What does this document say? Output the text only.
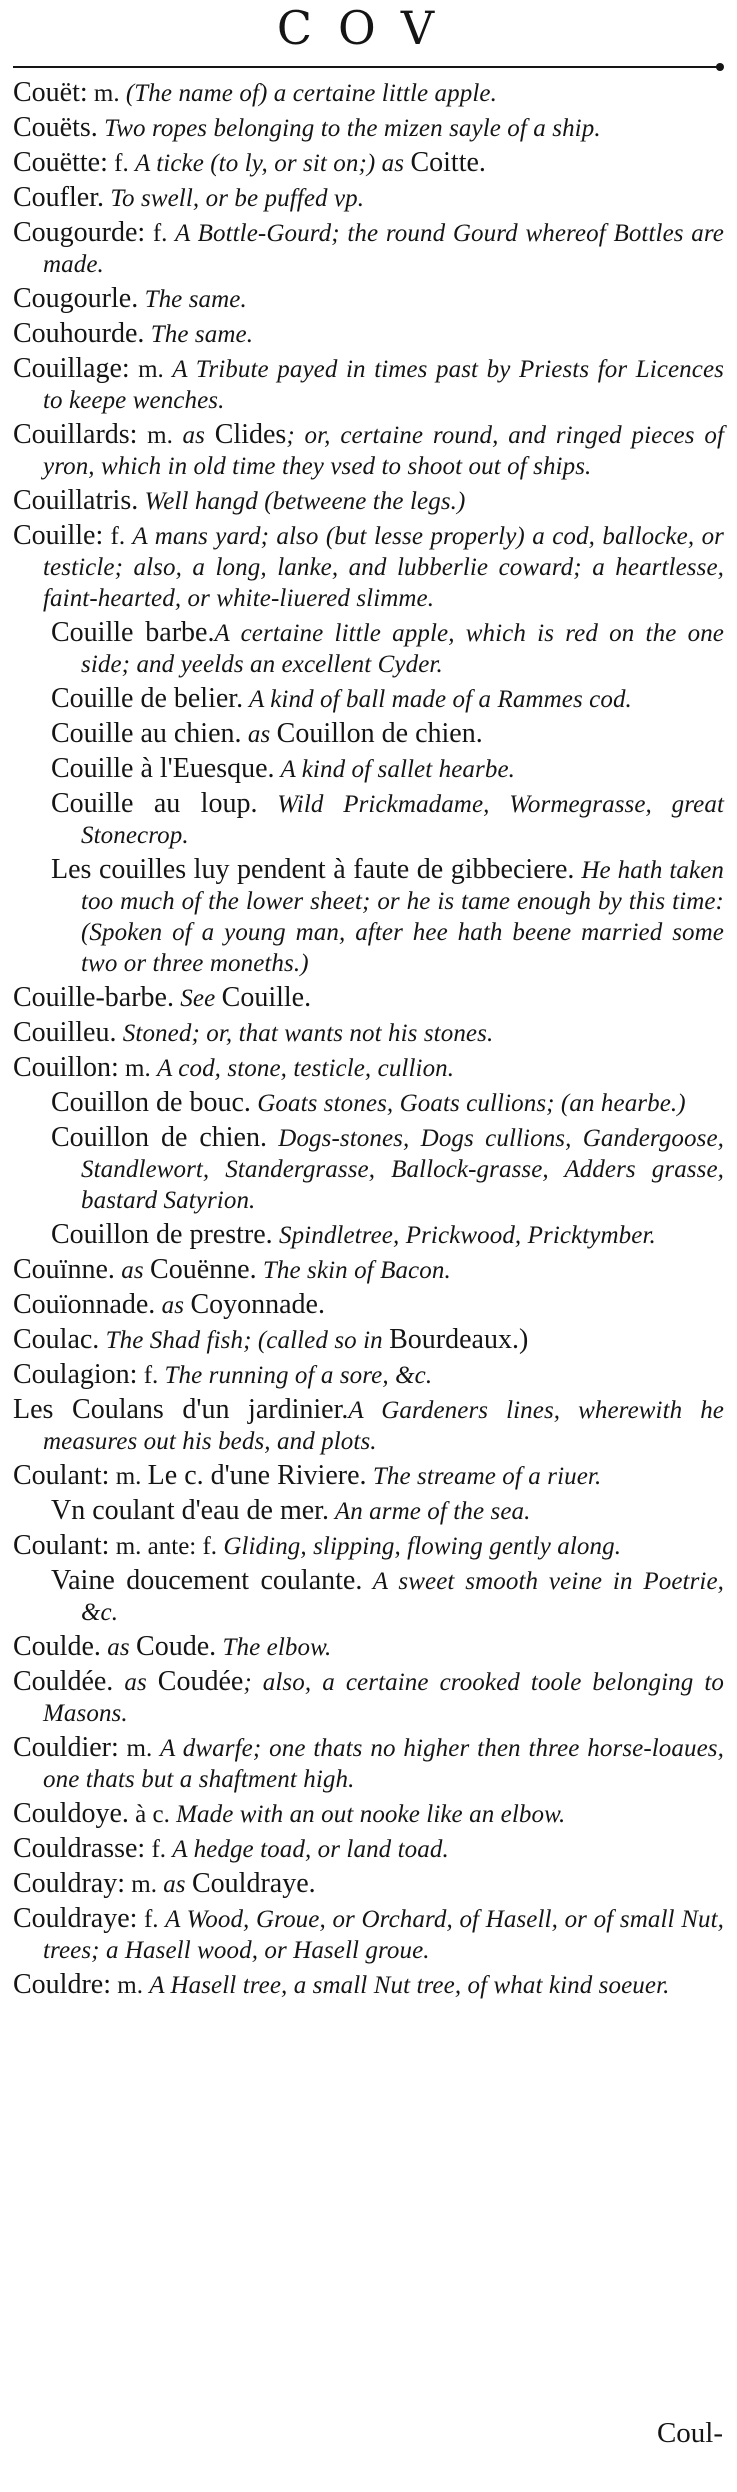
COV
Couët: m. (The name of) a certaine little apple.
Couëts. Two ropes belonging to the mizen sayle of a ship.
Couëtte: f. A ticke (to ly, or sit on;) as Coitte.
Coufler. To swell, or be puffed vp.
Cougourde: f. A Bottle-Gourd; the round Gourd whereof Bottles are made.
Cougourle. The same.
Couhourde. The same.
Couillage: m. A Tribute payed in times past by Priests for Licences to keepe wenches.
Couillards: m. as Clides; or, certaine round, and ringed pieces of yron, which in old time they vsed to shoot out of ships.
Couillatris. Well hangd (betweene the legs.)
Couille: f. A mans yard; also (but lesse properly) a cod, ballocke, or testicle; also, a long, lanke, and lubberlie coward; a heartlesse, faint-hearted, or white-liuered slimme.
Couille barbe.A certaine little apple, which is red on the one side; and yeelds an excellent Cyder.
Couille de belier. A kind of ball made of a Rammes cod.
Couille au chien. as Couillon de chien.
Couille à l'Euesque. A kind of sallet hearbe.
Couille au loup. Wild Prickmadame, Wormegrasse, great Stonecrop.
Les couilles luy pendent à faute de gibbeciere. He hath taken too much of the lower sheet; or he is tame enough by this time: (Spoken of a young man, after hee hath beene married some two or three moneths.)
Couille-barbe. See Couille.
Couilleu. Stoned; or, that wants not his stones.
Couillon: m. A cod, stone, testicle, cullion.
Couillon de bouc. Goats stones, Goats cullions; (an hearbe.)
Couillon de chien. Dogs-stones, Dogs cullions, Gandergoose, Standlewort, Standergrasse, Ballock-grasse, Adders grasse, bastard Satyrion.
Couillon de prestre. Spindletree, Prickwood, Pricktymber.
Couïnne. as Couënne. The skin of Bacon.
Couïonnade. as Coyonnade.
Coulac. The Shad fish; (called so in Bourdeaux.)
Coulagion: f. The running of a sore, &c.
Les Coulans d'un jardinier.A Gardeners lines, wherewith he measures out his beds, and plots.
Coulant: m. Le c. d'une Riviere. The streame of a riuer.
Vn coulant d'eau de mer. An arme of the sea.
Coulant: m. ante: f. Gliding, slipping, flowing gently along.
Vaine doucement coulante. A sweet smooth veine in Poetrie, &c.
Coulde. as Coude. The elbow.
Couldée. as Coudée; also, a certaine crooked toole belonging to Masons.
Couldier: m. A dwarfe; one thats no higher then three horse-loaues, one thats but a shaftment high.
Couldoye. à c. Made with an out nooke like an elbow.
Couldrasse: f. A hedge toad, or land toad.
Couldray: m. as Couldraye.
Couldraye: f. A Wood, Groue, or Orchard, of Hasell, or of small Nut, trees; a Hasell wood, or Hasell groue.
Couldre: m. A Hasell tree, a small Nut tree, of what kind soeuer.
Coul-
